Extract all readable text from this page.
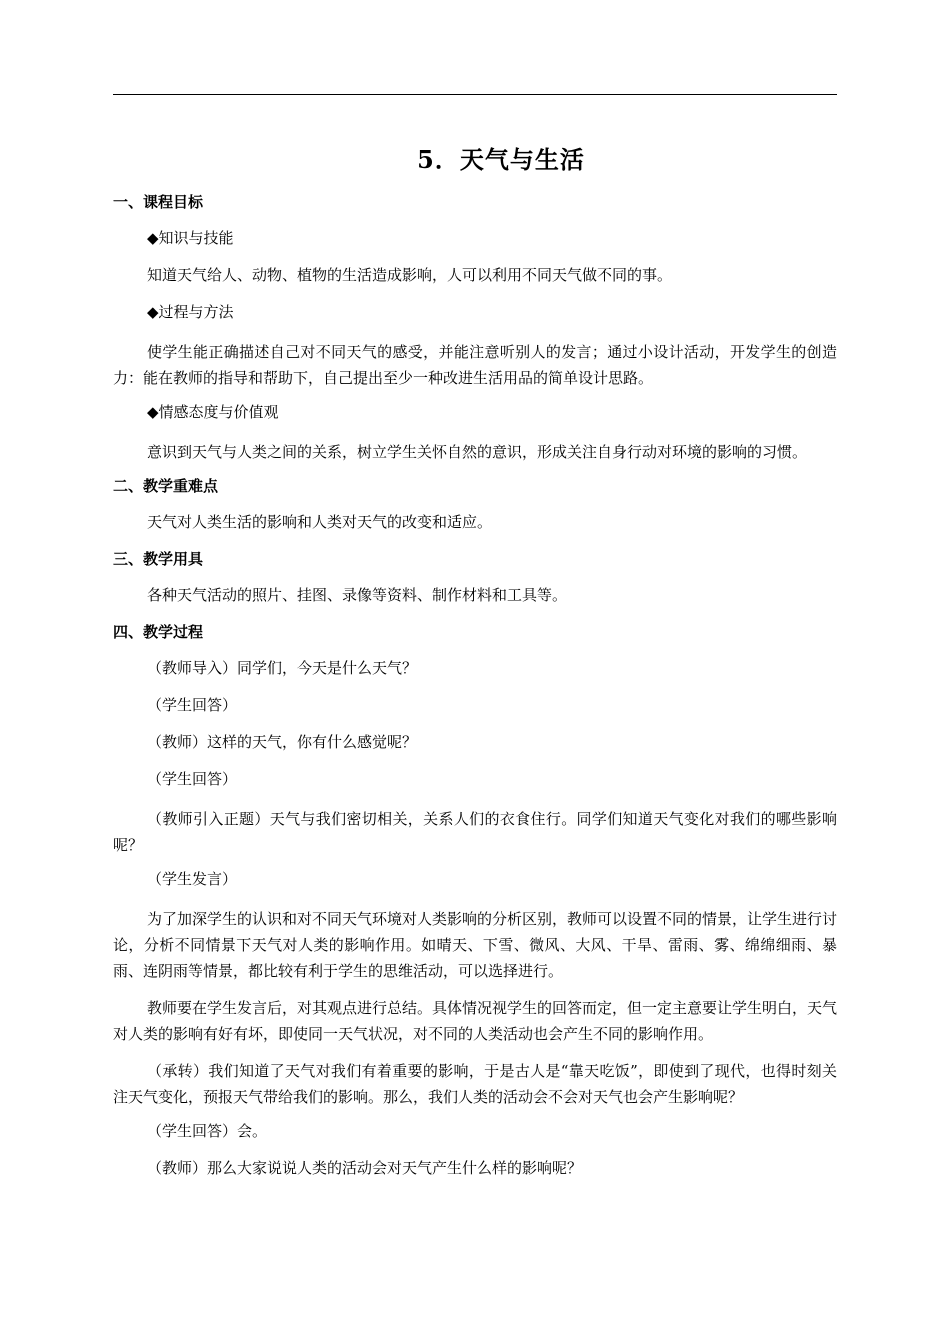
5．天气与生活
一、课程目标
◆知识与技能
知道天气给人、动物、植物的生活造成影响，人可以利用不同天气做不同的事。
◆过程与方法
使学生能正确描述自己对不同天气的感受，并能注意听别人的发言；通过小设计活动，开发学生的创造力：能在教师的指导和帮助下，自己提出至少一种改进生活用品的简单设计思路。
◆情感态度与价值观
意识到天气与人类之间的关系，树立学生关怀自然的意识，形成关注自身行动对环境的影响的习惯。
二、教学重难点
天气对人类生活的影响和人类对天气的改变和适应。
三、教学用具
各种天气活动的照片、挂图、录像等资料、制作材料和工具等。
四、教学过程
（教师导入）同学们，今天是什么天气？
（学生回答）
（教师）这样的天气，你有什么感觉呢？
（学生回答）
（教师引入正题）天气与我们密切相关，关系人们的衣食住行。同学们知道天气变化对我们的哪些影响呢？
（学生发言）
为了加深学生的认识和对不同天气环境对人类影响的分析区别，教师可以设置不同的情景，让学生进行讨论，分析不同情景下天气对人类的影响作用。如晴天、下雪、微风、大风、干旱、雷雨、雾、绵绵细雨、暴雨、连阴雨等情景，都比较有利于学生的思维活动，可以选择进行。
教师要在学生发言后，对其观点进行总结。具体情况视学生的回答而定，但一定主意要让学生明白，天气对人类的影响有好有坏，即使同一天气状况，对不同的人类活动也会产生不同的影响作用。
（承转）我们知道了天气对我们有着重要的影响，于是古人是“靠天吃饭”，即使到了现代，也得时刻关注天气变化，预报天气带给我们的影响。那么，我们人类的活动会不会对天气也会产生影响呢？
（学生回答）会。
（教师）那么大家说说人类的活动会对天气产生什么样的影响呢？
